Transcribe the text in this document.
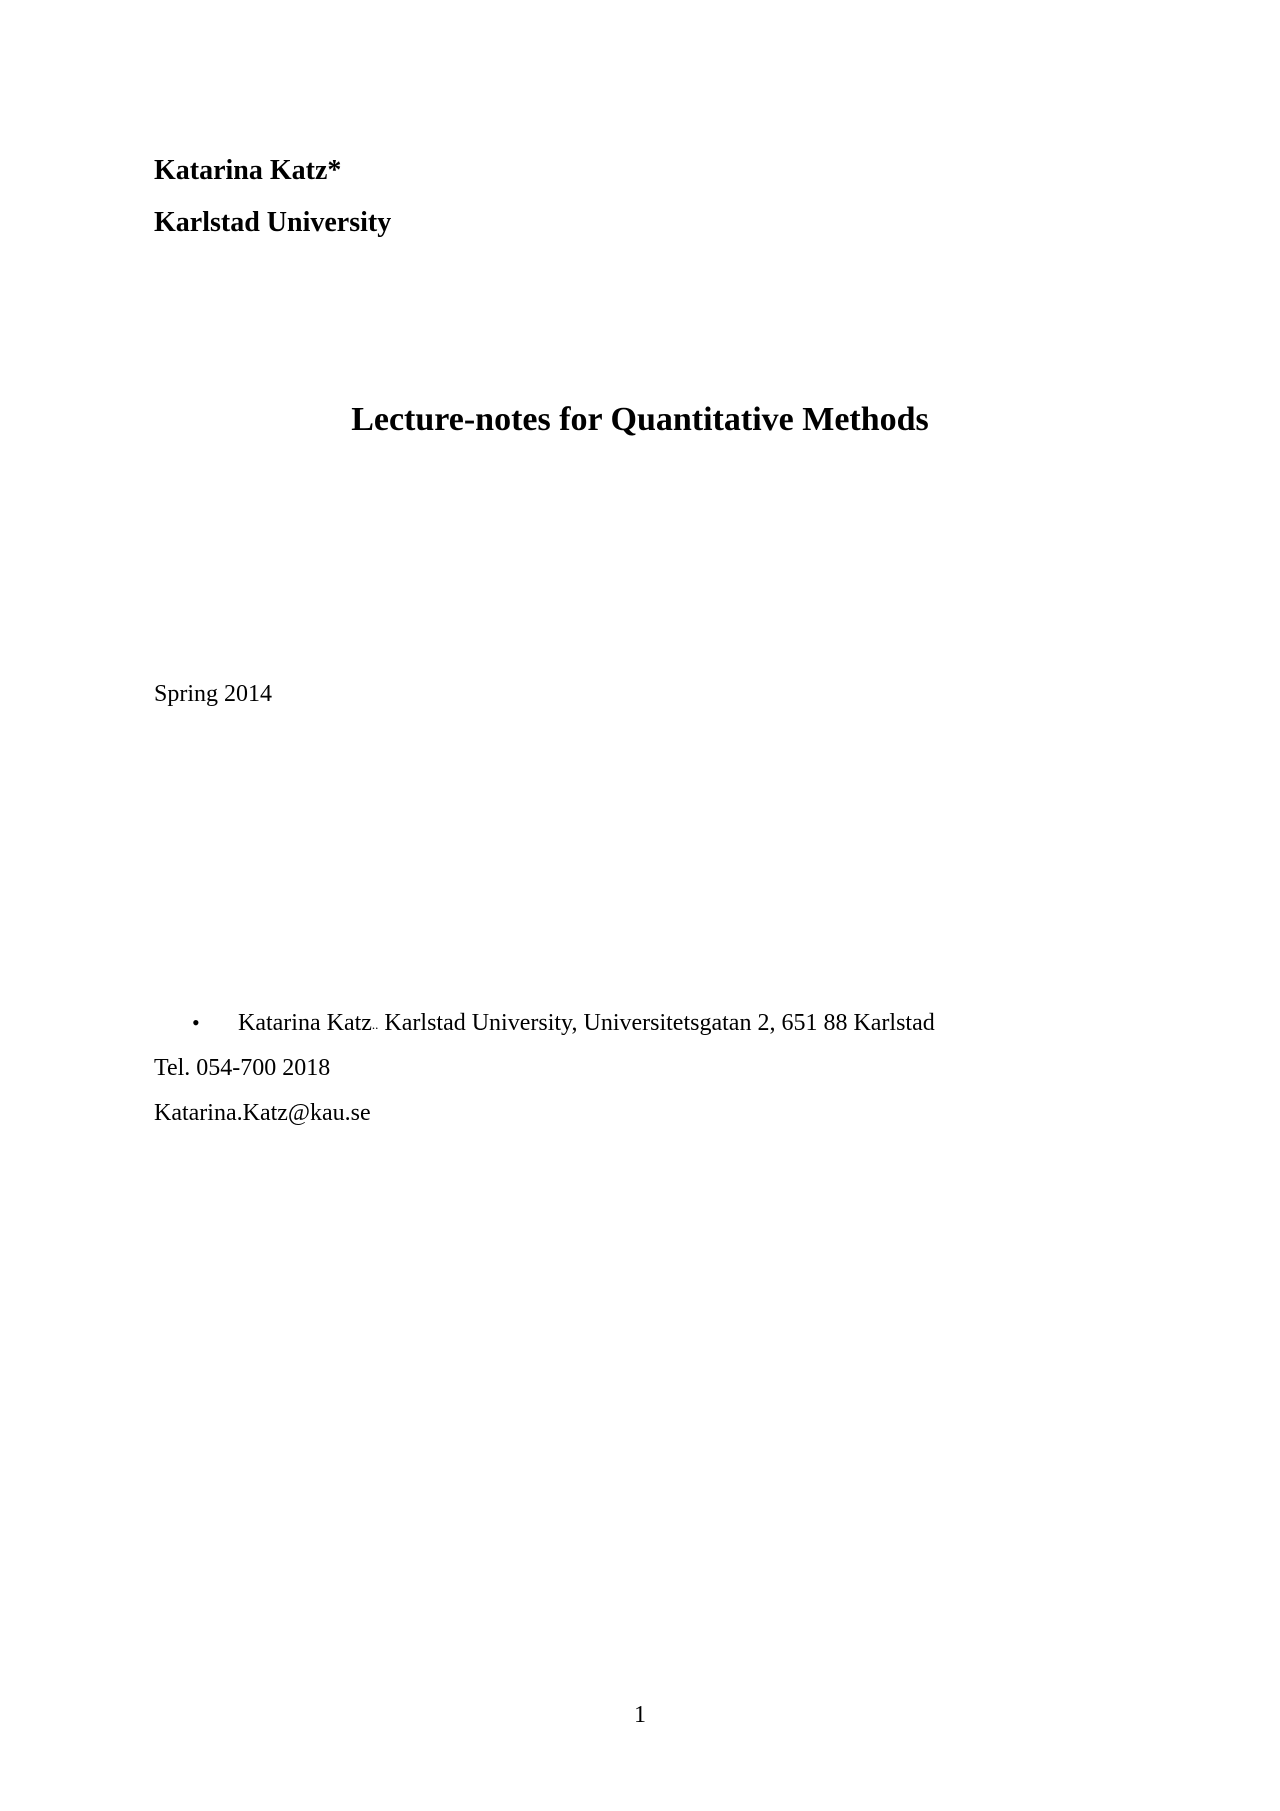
Katarina Katz*
Karlstad University
Lecture-notes for Quantitative Methods
Spring 2014
• Katarina Katz.. Karlstad University, Universitetsgatan 2, 651 88 Karlstad
Tel. 054-700 2018
Katarina.Katz@kau.se
1
